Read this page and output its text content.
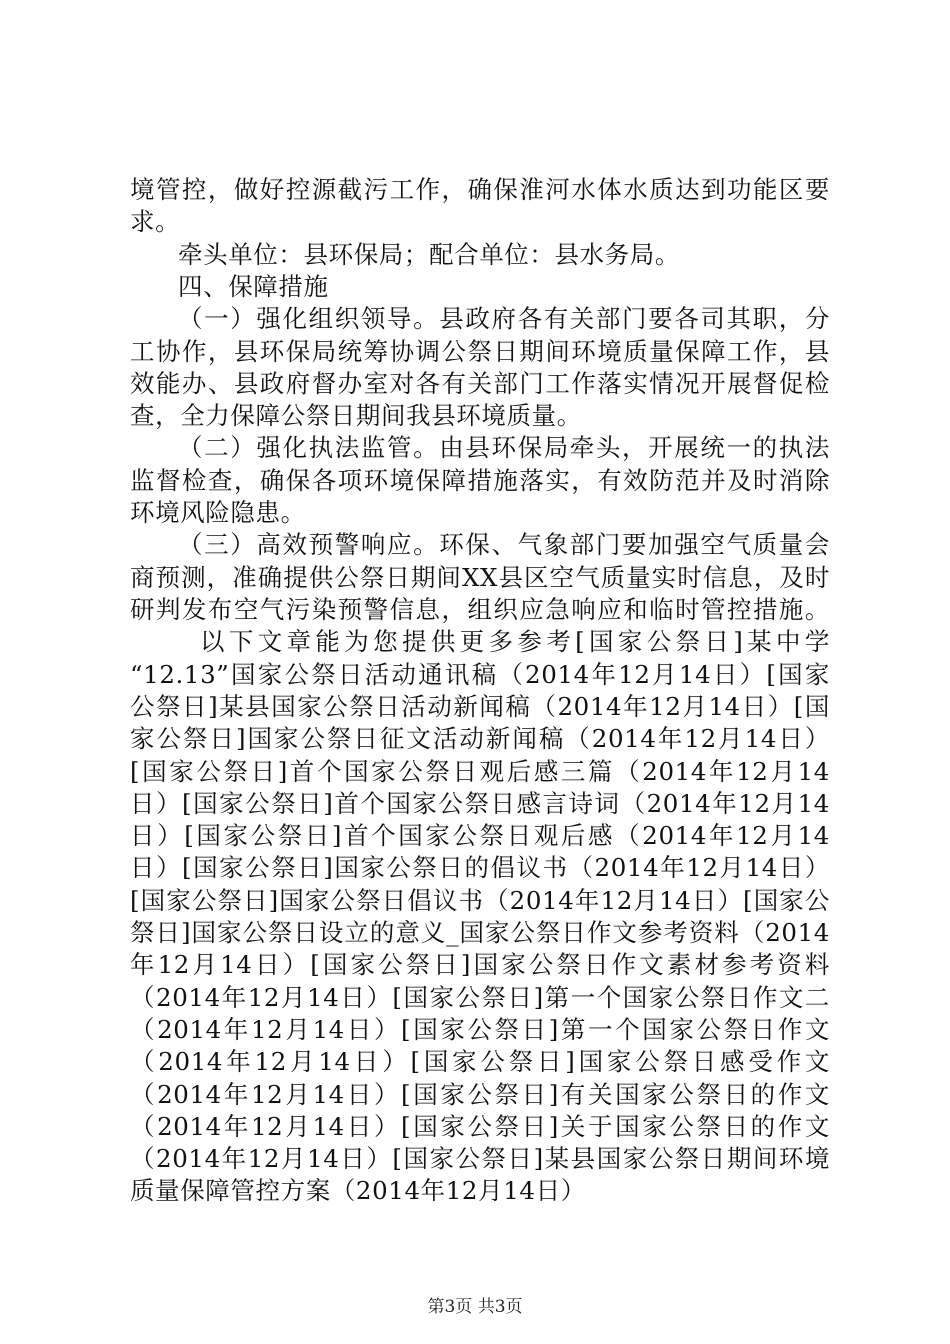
境管控，做好控源截污工作，确保淮河水体水质达到功能区要
求。
牵头单位：县环保局；配合单位：县水务局。
四、保障措施
（一）强化组织领导。县政府各有关部门要各司其职，分
工协作，县环保局统筹协调公祭日期间环境质量保障工作，县
效能办、县政府督办室对各有关部门工作落实情况开展督促检
查，全力保障公祭日期间我县环境质量。
（二）强化执法监管。由县环保局牵头，开展统一的执法
监督检查，确保各项环境保障措施落实，有效防范并及时消除
环境风险隐患。
（三）高效预警响应。环保、气象部门要加强空气质量会
商预测，准确提供公祭日期间XX县区空气质量实时信息，及时
研判发布空气污染预警信息，组织应急响应和临时管控措施。
以下文章能为您提供更多参考[国家公祭日]某中学
“12.13”国家公祭日活动通讯稿（2014年12月14日）[国家
公祭日]某县国家公祭日活动新闻稿（2014年12月14日）[国
家公祭日]国家公祭日征文活动新闻稿（2014年12月14日）
[国家公祭日]首个国家公祭日观后感三篇（2014年12月14
日）[国家公祭日]首个国家公祭日感言诗词（2014年12月14
日）[国家公祭日]首个国家公祭日观后感（2014年12月14
日）[国家公祭日]国家公祭日的倡议书（2014年12月14日）
[国家公祭日]国家公祭日倡议书（2014年12月14日）[国家公
祭日]国家公祭日设立的意义_国家公祭日作文参考资料（2014
年12月14日）[国家公祭日]国家公祭日作文素材参考资料
（2014年12月14日）[国家公祭日]第一个国家公祭日作文二
（2014年12月14日）[国家公祭日]第一个国家公祭日作文
（2014年12月14日）[国家公祭日]国家公祭日感受作文
（2014年12月14日）[国家公祭日]有关国家公祭日的作文
（2014年12月14日）[国家公祭日]关于国家公祭日的作文
（2014年12月14日）[国家公祭日]某县国家公祭日期间环境
质量保障管控方案（2014年12月14日）
第3页 共3页
